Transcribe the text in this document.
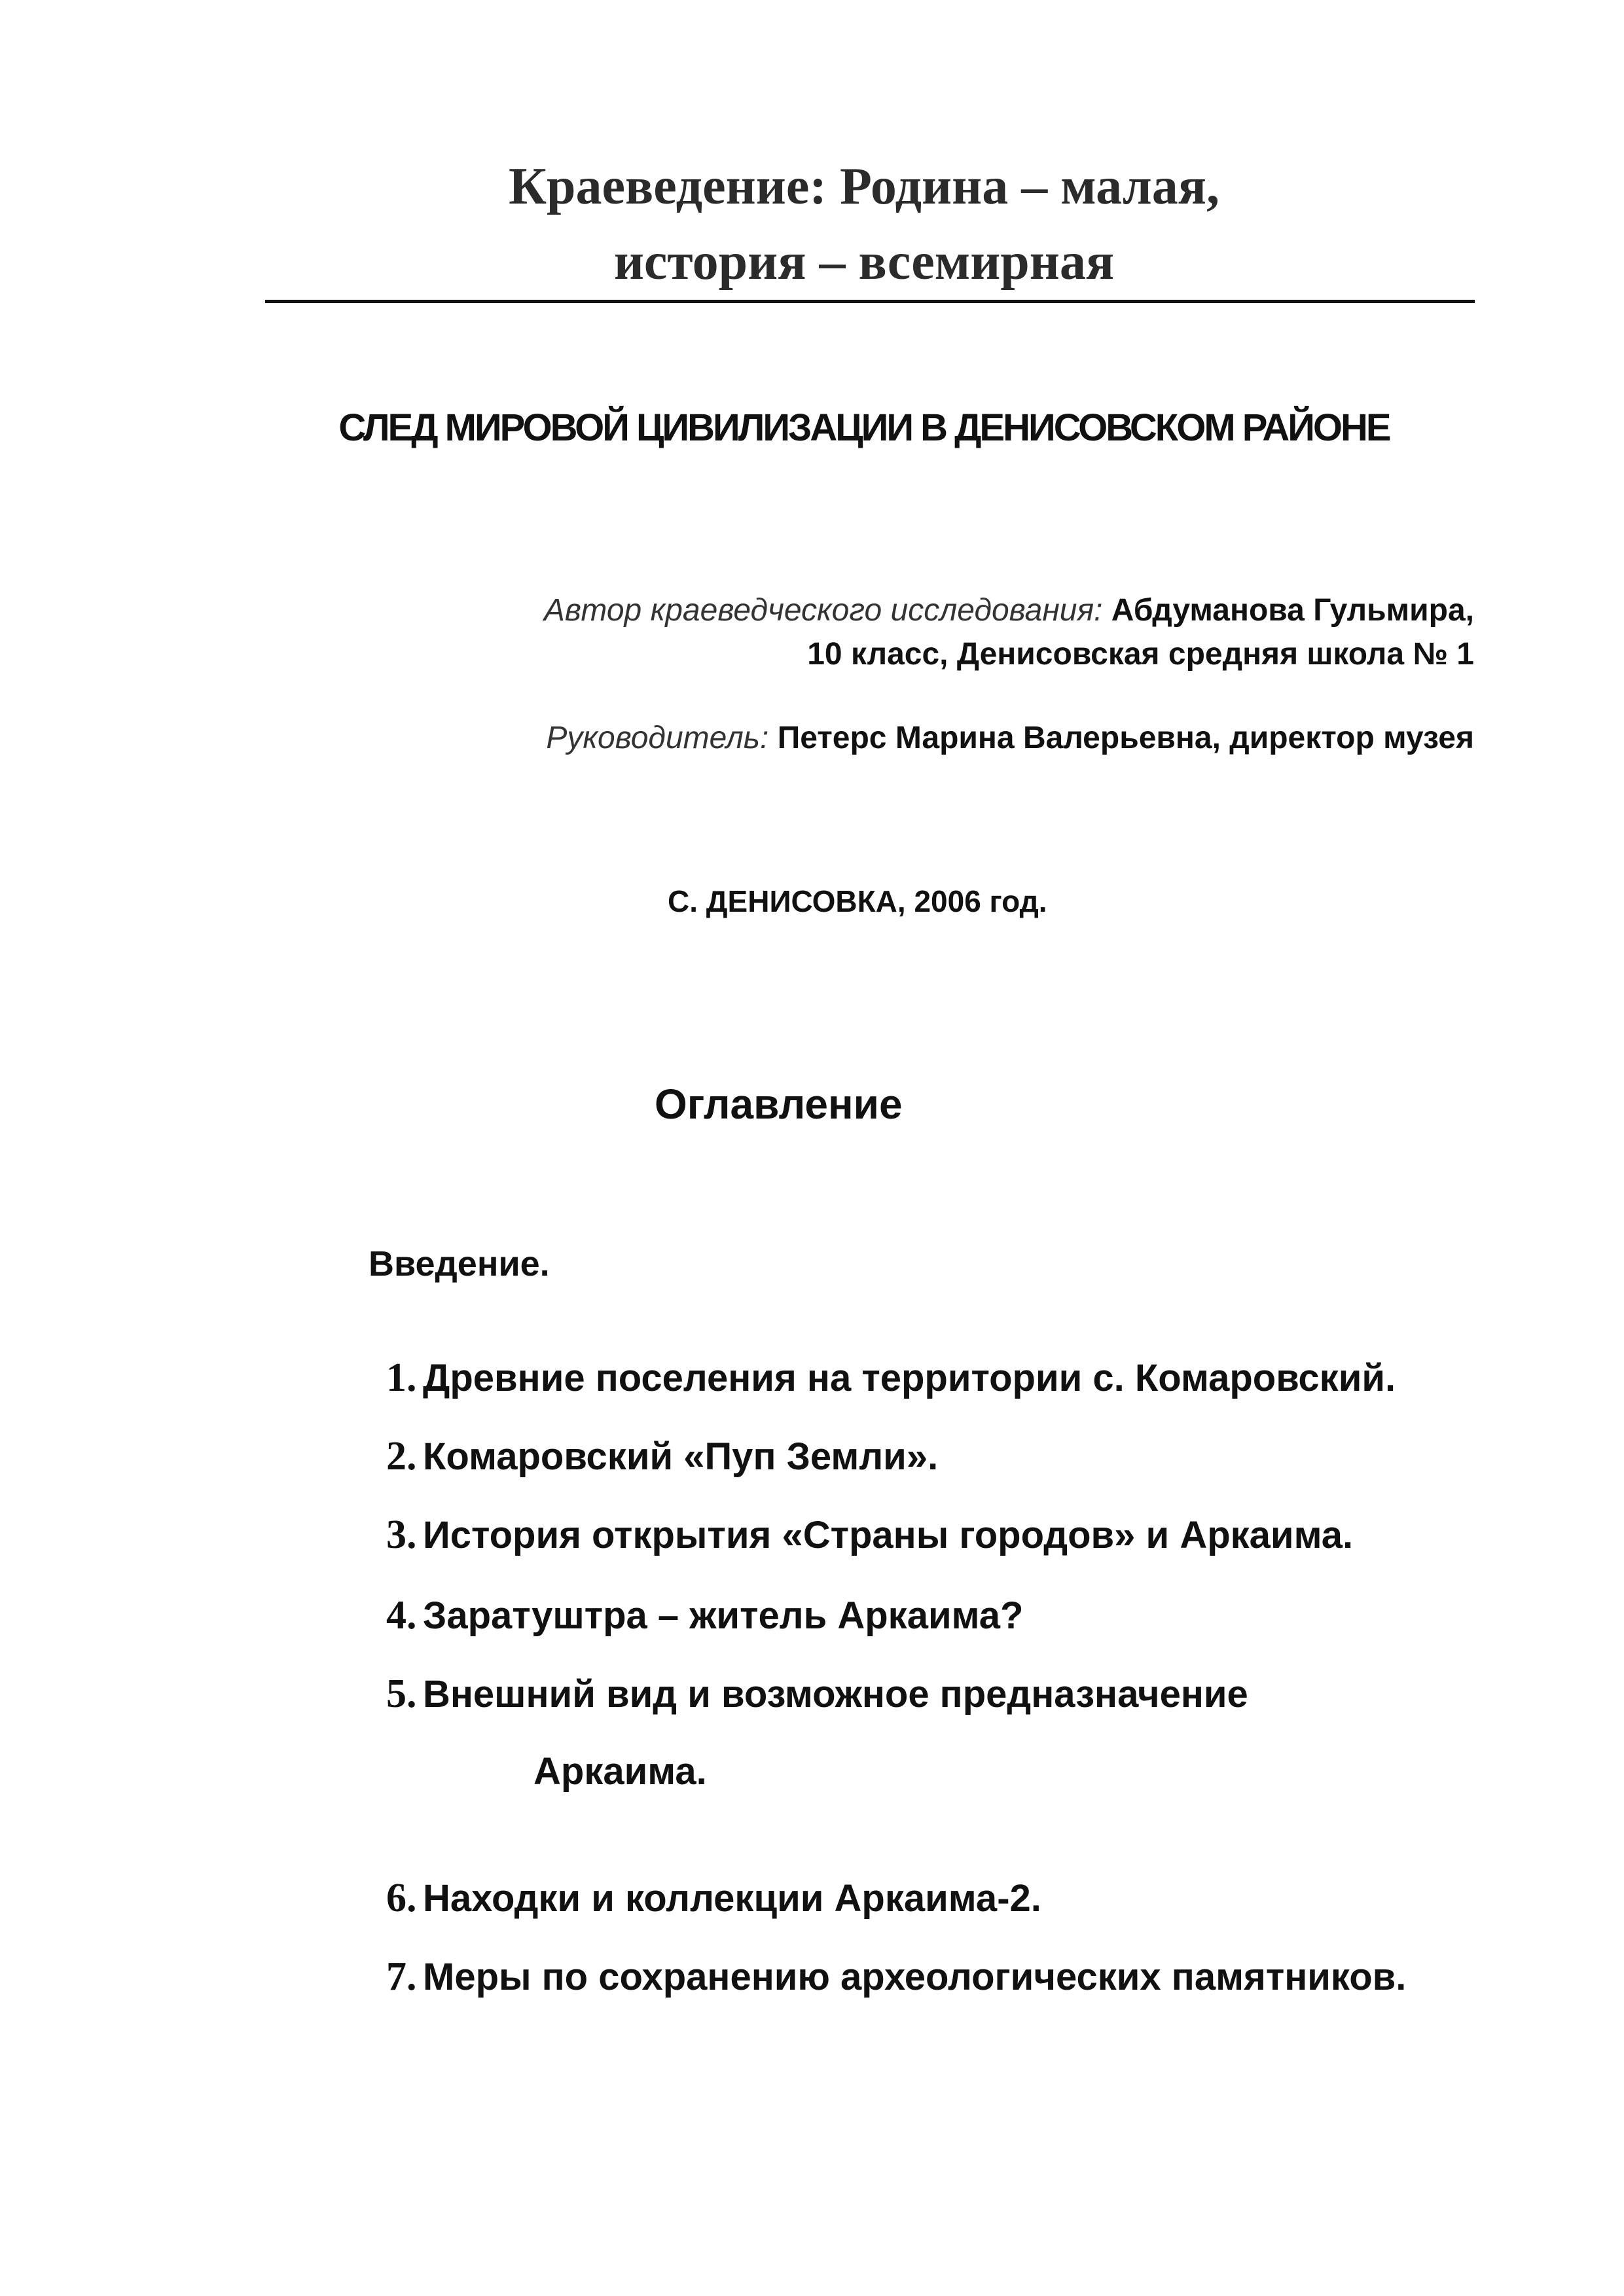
Краеведение: Родина – малая,
история – всемирная
СЛЕД МИРОВОЙ ЦИВИЛИЗАЦИИ В ДЕНИСОВСКОМ РАЙОНЕ
Автор краеведческого исследования: Абдуманова Гульмира,
10 класс, Денисовская средняя школа № 1
Руководитель: Петерс Марина Валерьевна, директор музея
С. ДЕНИСОВКА, 2006 год.
Оглавление
Введение.
1. Древние поселения на территории с. Комаровский.
2. Комаровский «Пуп Земли».
3. История открытия «Страны городов» и Аркаима.
4. Заратуштра – житель Аркаима?
5. Внешний вид и возможное предназначение
Аркаима.
6. Находки и коллекции Аркаима-2.
7. Меры по сохранению археологических памятников.
